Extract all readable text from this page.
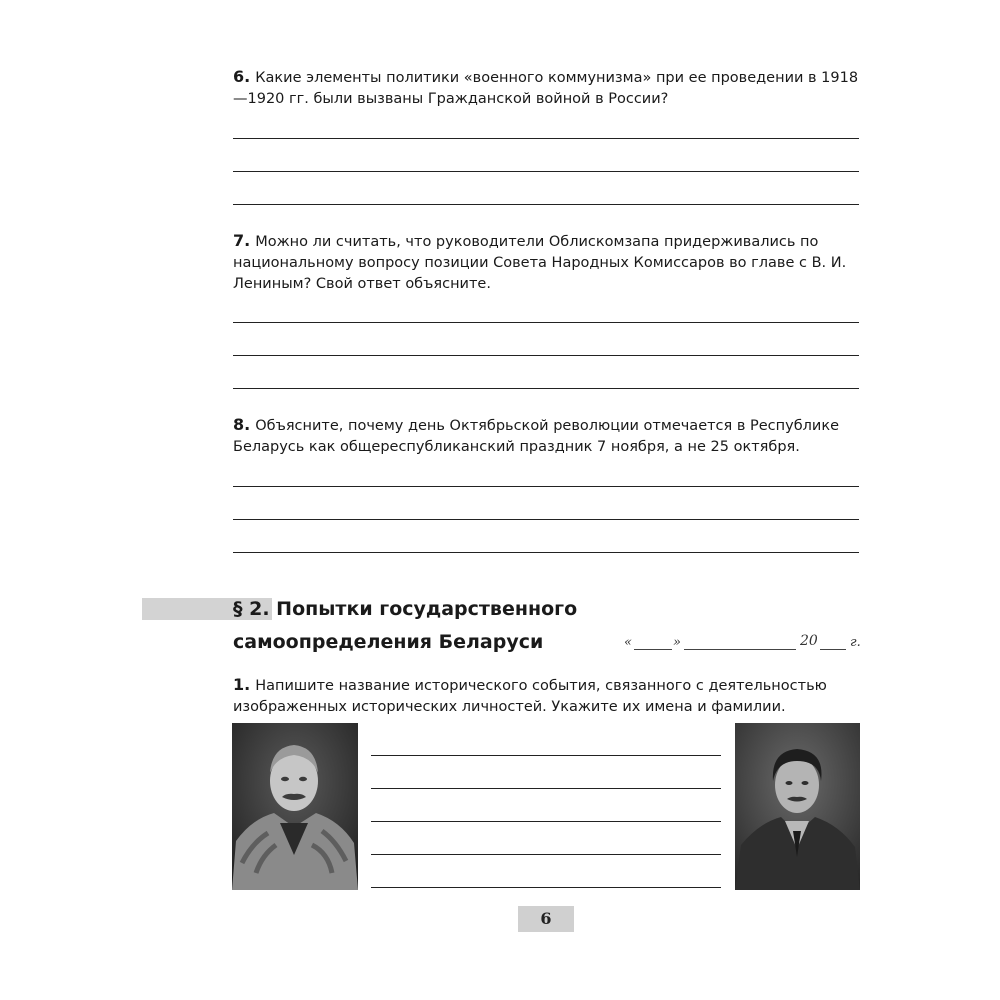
6. Какие элементы политики «военного коммунизма» при ее проведении в 1918—1920 гг. были вызваны Гражданской войной в России?
7. Можно ли считать, что руководители Облискомзапа придерживались по национальному вопросу позиции Совета Народных Комиссаров во главе с В. И. Лениным? Свой ответ объясните.
8. Объясните, почему день Октябрьской революции отмечается в Республике Беларусь как общереспубликанский праздник 7 ноября, а не 25 октября.
§ 2. Попытки государственного
самоопределения Беларуси	«	»	20 г.
1. Напишите название исторического события, связанного с деятельностью изображенных исторических личностей. Укажите их имена и фамилии.
6
